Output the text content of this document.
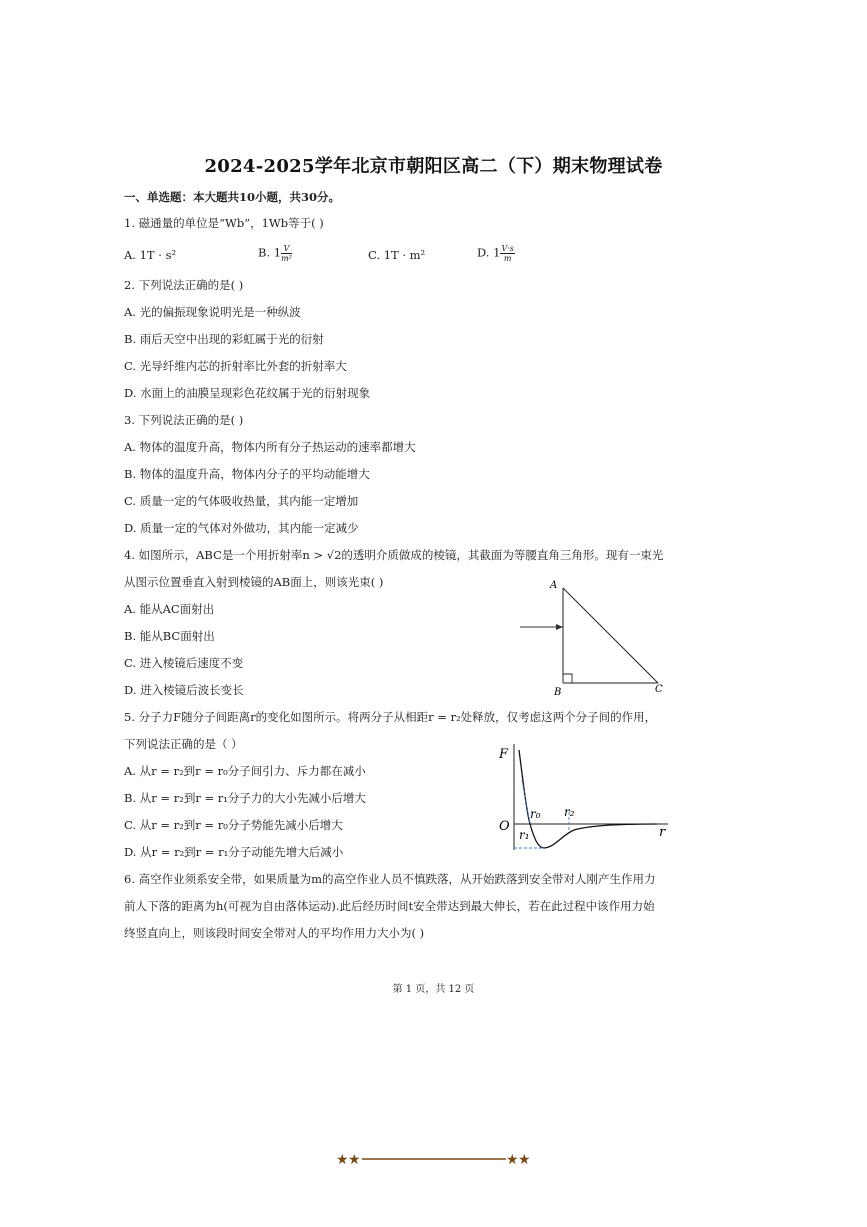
2024-2025学年北京市朝阳区高二（下）期末物理试卷
一、单选题：本大题共10小题，共30分。
1. 磁通量的单位是“Wb”，1Wb等于( )
A. 1T · s²	B. $1 \frac{V}{\text{m²}}$	C. 1T · m²	D. $1 \frac{V\cdot s}{m}$
2. 下列说法正确的是( )
A. 光的偏振现象说明光是一种纵波
B. 雨后天空中出现的彩虹属于光的衍射
C. 光导纤维内芯的折射率比外套的折射率大
D. 水面上的油膜呈现彩色花纹属于光的衍射现象
3. 下列说法正确的是( )
A. 物体的温度升高，物体内所有分子热运动的速率都增大
B. 物体的温度升高，物体内分子的平均动能增大
C. 质量一定的气体吸收热量，其内能一定增加
D. 质量一定的气体对外做功，其内能一定减少
4. 如图所示，ABC是一个用折射率n > √2的透明介质做成的棱镜，其截面为等腰直角三角形。现有一束光
从图示位置垂直入射到棱镜的AB面上，则该光束( )
A. 能从AC面射出
B. 能从BC面射出
C. 进入棱镜后速度不变
D. 进入棱镜后波长变长
A
B	C
5. 分子力F随分子间距离r的变化如图所示。将两分子从相距r = r₂处释放，仅考虑这两个分子间的作用，
下列说法正确的是（ ）
A. 从r = r₂到r = r₀分子间引力、斥力都在减小
B. 从r = r₂到r = r₁分子力的大小先减小后增大
C. 从r = r₂到r = r₀分子势能先减小后增大
D. 从r = r₂到r = r₁分子动能先增大后减小
F
O	r
r₀
r₁
r₂
6. 高空作业须系安全带，如果质量为m的高空作业人员不慎跌落，从开始跌落到安全带对人刚产生作用力
前人下落的距离为h(可视为自由落体运动).此后经历时间t安全带达到最大伸长，若在此过程中该作用力始
终竖直向上，则该段时间安全带对人的平均作用力大小为( )
第 1 页，共 12 页
★ ★	★ ★
